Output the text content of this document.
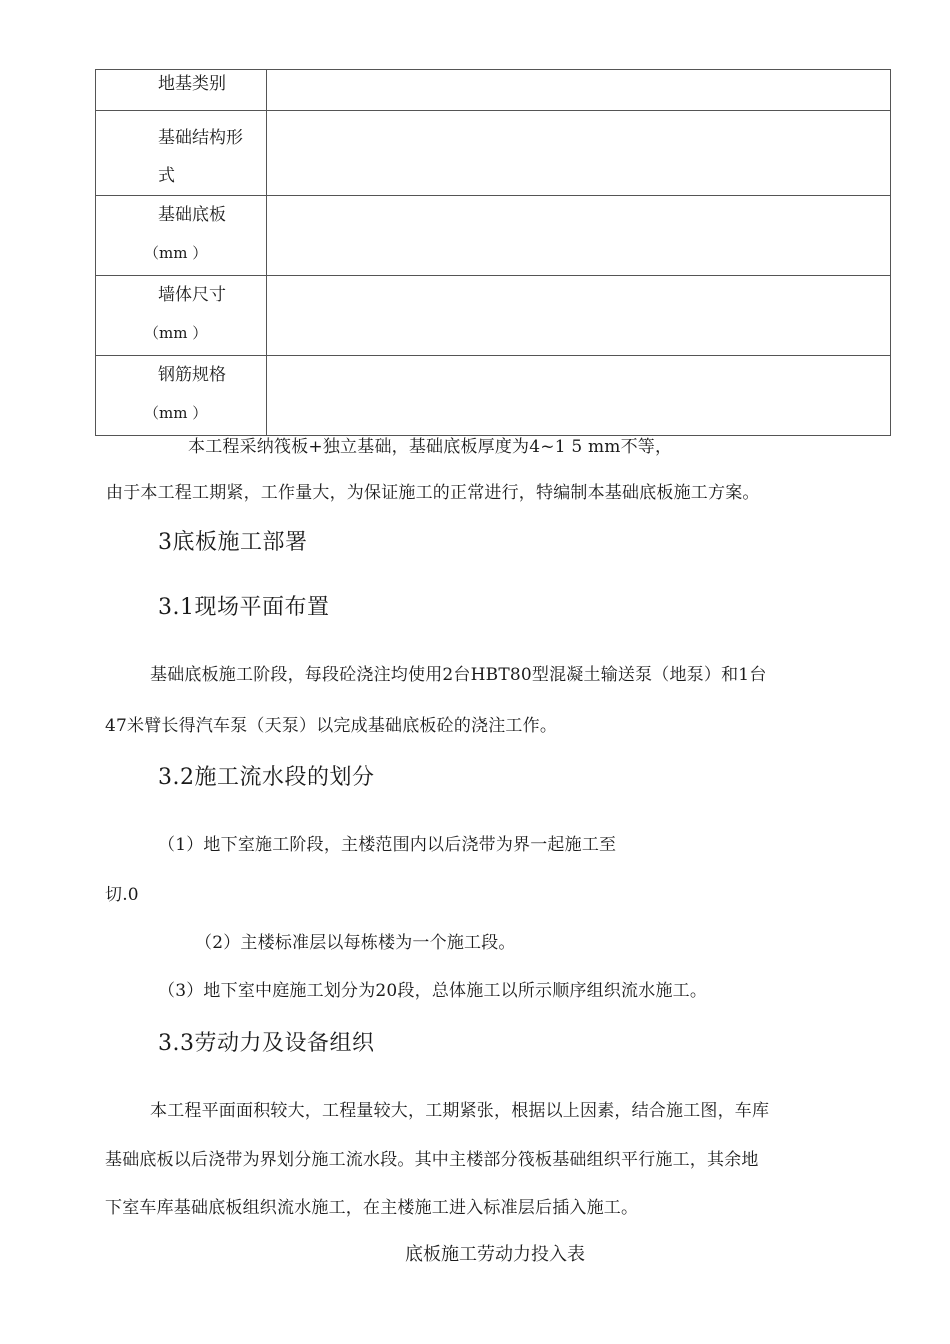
地基类别	

基础结构形
式	

基础底板
（mm ）	

墙体尺寸
（mm ）	

钢筋规格
（mm ）	

本工程采纳筏板+独立基础，基础底板厚度为4~1 5 mm不等，
由于本工程工期紧，工作量大，为保证施工的正常进行，特编制本基础底板施工方案。
3底板施工部署
3.1现场平面布置
基础底板施工阶段，每段砼浇注均使用2台HBT80型混凝土输送泵（地泵）和1台
47米臂长得汽车泵（天泵）以完成基础底板砼的浇注工作。
3.2施工流水段的划分
（1）地下室施工阶段，主楼范围内以后浇带为界一起施工至
切.0
（2）主楼标准层以每栋楼为一个施工段。
（3）地下室中庭施工划分为20段，总体施工以所示顺序组织流水施工。
3.3劳动力及设备组织
本工程平面面积较大，工程量较大，工期紧张，根据以上因素，结合施工图，车库
基础底板以后浇带为界划分施工流水段。其中主楼部分筏板基础组织平行施工，其余地
下室车库基础底板组织流水施工，在主楼施工进入标准层后插入施工。
底板施工劳动力投入表
